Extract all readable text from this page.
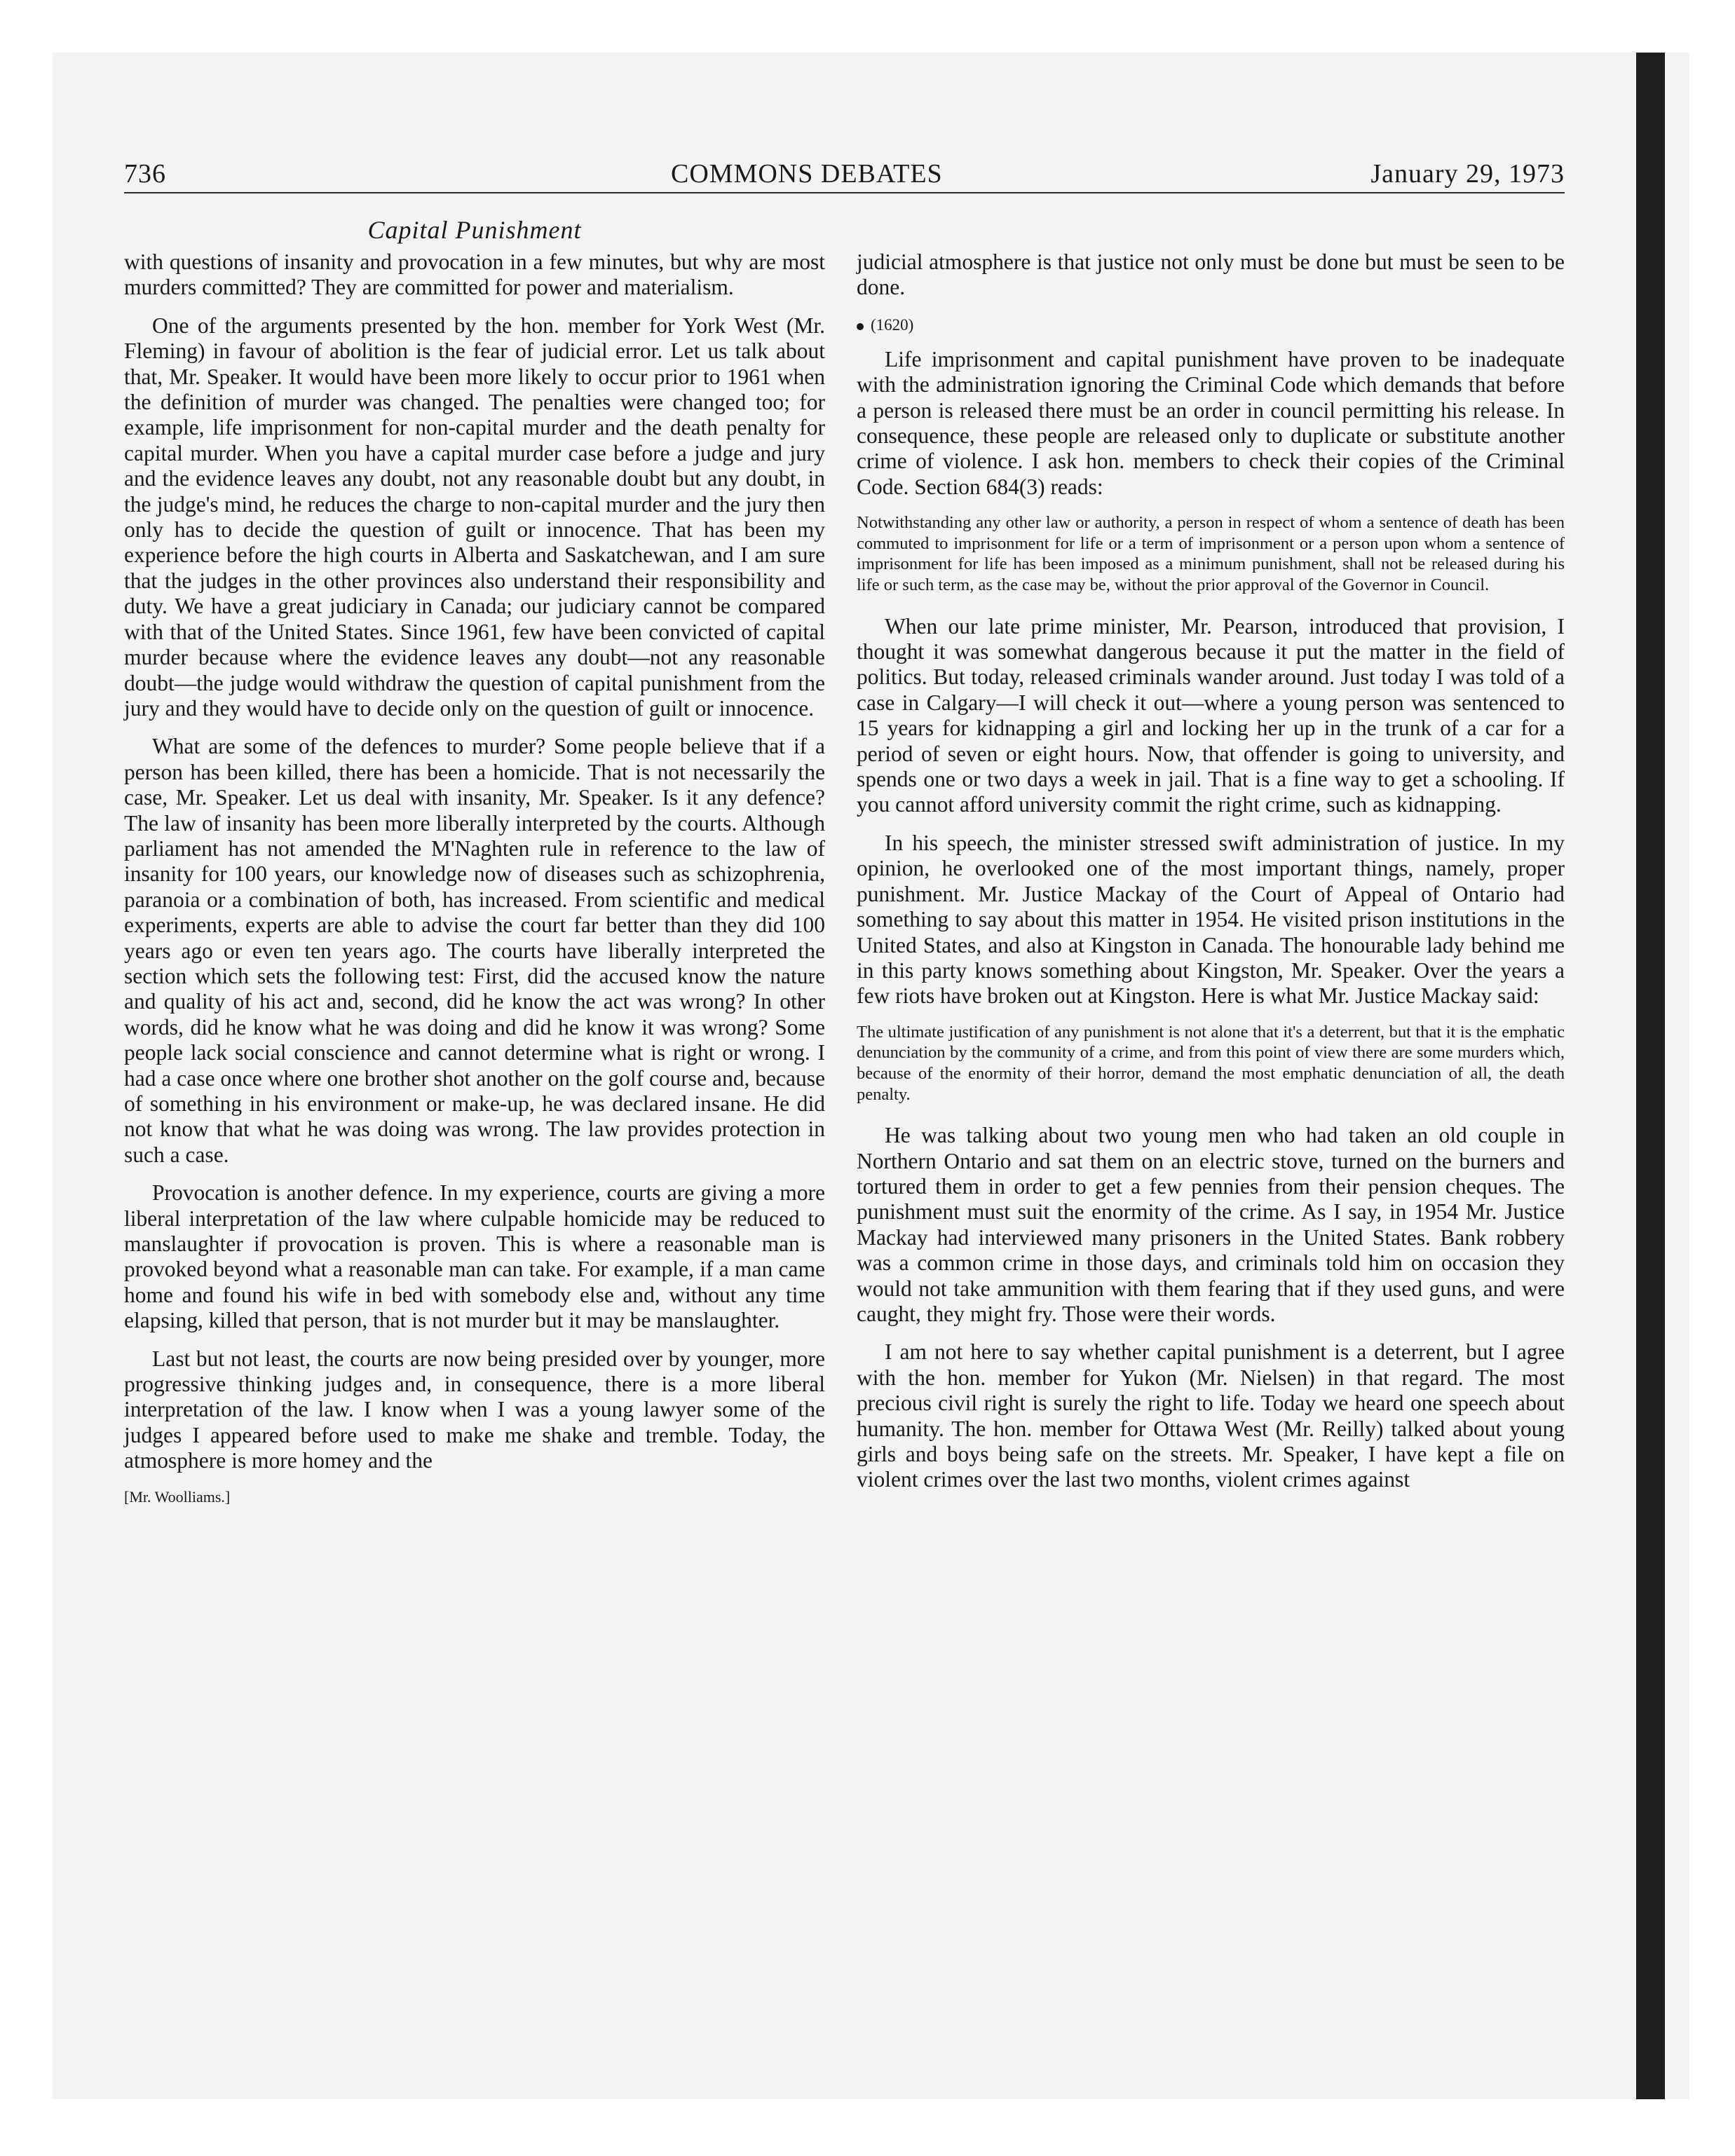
736	COMMONS DEBATES	January 29, 1973
Capital Punishment

with questions of insanity and provocation in a few minutes, but why are most murders committed? They are committed for power and materialism.

One of the arguments presented by the hon. member for York West (Mr. Fleming) in favour of abolition is the fear of judicial error. Let us talk about that, Mr. Speaker. It would have been more likely to occur prior to 1961 when the definition of murder was changed. The penalties were changed too; for example, life imprisonment for non-capital murder and the death penalty for capital murder. When you have a capital murder case before a judge and jury and the evidence leaves any doubt, not any reasonable doubt but any doubt, in the judge's mind, he reduces the charge to non-capital murder and the jury then only has to decide the question of guilt or innocence. That has been my experience before the high courts in Alberta and Saskatchewan, and I am sure that the judges in the other provinces also understand their responsibility and duty. We have a great judiciary in Canada; our judiciary cannot be compared with that of the United States. Since 1961, few have been convicted of capital murder because where the evidence leaves any doubt—not any reasonable doubt—the judge would withdraw the question of capital punishment from the jury and they would have to decide only on the question of guilt or innocence.

What are some of the defences to murder? Some people believe that if a person has been killed, there has been a homicide. That is not necessarily the case, Mr. Speaker. Let us deal with insanity, Mr. Speaker. Is it any defence? The law of insanity has been more liberally interpreted by the courts. Although parliament has not amended the M'Naghten rule in reference to the law of insanity for 100 years, our knowledge now of diseases such as schizophrenia, paranoia or a combination of both, has increased. From scientific and medical experiments, experts are able to advise the court far better than they did 100 years ago or even ten years ago. The courts have liberally interpreted the section which sets the following test: First, did the accused know the nature and quality of his act and, second, did he know the act was wrong? In other words, did he know what he was doing and did he know it was wrong? Some people lack social conscience and cannot determine what is right or wrong. I had a case once where one brother shot another on the golf course and, because of something in his environment or make-up, he was declared insane. He did not know that what he was doing was wrong. The law provides protection in such a case.

Provocation is another defence. In my experience, courts are giving a more liberal interpretation of the law where culpable homicide may be reduced to manslaughter if provocation is proven. This is where a reasonable man is provoked beyond what a reasonable man can take. For example, if a man came home and found his wife in bed with somebody else and, without any time elapsing, killed that person, that is not murder but it may be manslaughter.

Last but not least, the courts are now being presided over by younger, more progressive thinking judges and, in consequence, there is a more liberal interpretation of the law. I know when I was a young lawyer some of the judges I appeared before used to make me shake and tremble. Today, the atmosphere is more homey and the

[Mr. Woolliams.]

judicial atmosphere is that justice not only must be done but must be seen to be done.

(1620)

Life imprisonment and capital punishment have proven to be inadequate with the administration ignoring the Criminal Code which demands that before a person is released there must be an order in council permitting his release. In consequence, these people are released only to duplicate or substitute another crime of violence. I ask hon. members to check their copies of the Criminal Code. Section 684(3) reads:

Notwithstanding any other law or authority, a person in respect of whom a sentence of death has been commuted to imprisonment for life or a term of imprisonment or a person upon whom a sentence of imprisonment for life has been imposed as a minimum punishment, shall not be released during his life or such term, as the case may be, without the prior approval of the Governor in Council.

When our late prime minister, Mr. Pearson, introduced that provision, I thought it was somewhat dangerous because it put the matter in the field of politics. But today, released criminals wander around. Just today I was told of a case in Calgary—I will check it out—where a young person was sentenced to 15 years for kidnapping a girl and locking her up in the trunk of a car for a period of seven or eight hours. Now, that offender is going to university, and spends one or two days a week in jail. That is a fine way to get a schooling. If you cannot afford university commit the right crime, such as kidnapping.

In his speech, the minister stressed swift administration of justice. In my opinion, he overlooked one of the most important things, namely, proper punishment. Mr. Justice Mackay of the Court of Appeal of Ontario had something to say about this matter in 1954. He visited prison institutions in the United States, and also at Kingston in Canada. The honourable lady behind me in this party knows something about Kingston, Mr. Speaker. Over the years a few riots have broken out at Kingston. Here is what Mr. Justice Mackay said:

The ultimate justification of any punishment is not alone that it's a deterrent, but that it is the emphatic denunciation by the community of a crime, and from this point of view there are some murders which, because of the enormity of their horror, demand the most emphatic denunciation of all, the death penalty.

He was talking about two young men who had taken an old couple in Northern Ontario and sat them on an electric stove, turned on the burners and tortured them in order to get a few pennies from their pension cheques. The punishment must suit the enormity of the crime. As I say, in 1954 Mr. Justice Mackay had interviewed many prisoners in the United States. Bank robbery was a common crime in those days, and criminals told him on occasion they would not take ammunition with them fearing that if they used guns, and were caught, they might fry. Those were their words.

I am not here to say whether capital punishment is a deterrent, but I agree with the hon. member for Yukon (Mr. Nielsen) in that regard. The most precious civil right is surely the right to life. Today we heard one speech about humanity. The hon. member for Ottawa West (Mr. Reilly) talked about young girls and boys being safe on the streets. Mr. Speaker, I have kept a file on violent crimes over the last two months, violent crimes against
